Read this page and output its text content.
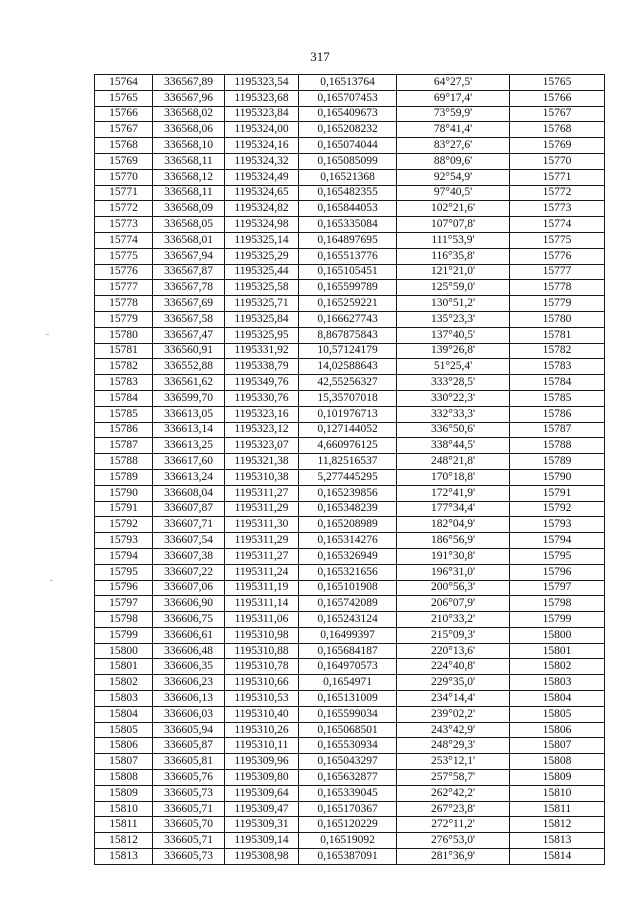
317
15764	336567,89	1195323,54	0,16513764	64°27,5'	15765
15765	336567,96	1195323,68	0,165707453	69°17,4'	15766
15766	336568,02	1195323,84	0,165409673	73°59,9'	15767
15767	336568,06	1195324,00	0,165208232	78°41,4'	15768
15768	336568,10	1195324,16	0,165074044	83°27,6'	15769
15769	336568,11	1195324,32	0,165085099	88°09,6'	15770
15770	336568,12	1195324,49	0,16521368	92°54,9'	15771
15771	336568,11	1195324,65	0,165482355	97°40,5'	15772
15772	336568,09	1195324,82	0,165844053	102°21,6'	15773
15773	336568,05	1195324,98	0,165335084	107°07,8'	15774
15774	336568,01	1195325,14	0,164897695	111°53,9'	15775
15775	336567,94	1195325,29	0,165513776	116°35,8'	15776
15776	336567,87	1195325,44	0,165105451	121°21,0'	15777
15777	336567,78	1195325,58	0,165599789	125°59,0'	15778
15778	336567,69	1195325,71	0,165259221	130°51,2'	15779
15779	336567,58	1195325,84	0,166627743	135°23,3'	15780
15780	336567,47	1195325,95	8,867875843	137°40,5'	15781
15781	336560,91	1195331,92	10,57124179	139°26,8'	15782
15782	336552,88	1195338,79	14,02588643	51°25,4'	15783
15783	336561,62	1195349,76	42,55256327	333°28,5'	15784
15784	336599,70	1195330,76	15,35707018	330°22,3'	15785
15785	336613,05	1195323,16	0,101976713	332°33,3'	15786
15786	336613,14	1195323,12	0,127144052	336°50,6'	15787
15787	336613,25	1195323,07	4,660976125	338°44,5'	15788
15788	336617,60	1195321,38	11,82516537	248°21,8'	15789
15789	336613,24	1195310,38	5,277445295	170°18,8'	15790
15790	336608,04	1195311,27	0,165239856	172°41,9'	15791
15791	336607,87	1195311,29	0,165348239	177°34,4'	15792
15792	336607,71	1195311,30	0,165208989	182°04,9'	15793
15793	336607,54	1195311,29	0,165314276	186°56,9'	15794
15794	336607,38	1195311,27	0,165326949	191°30,8'	15795
15795	336607,22	1195311,24	0,165321656	196°31,0'	15796
15796	336607,06	1195311,19	0,165101908	200°56,3'	15797
15797	336606,90	1195311,14	0,165742089	206°07,9'	15798
15798	336606,75	1195311,06	0,165243124	210°33,2'	15799
15799	336606,61	1195310,98	0,16499397	215°09,3'	15800
15800	336606,48	1195310,88	0,165684187	220°13,6'	15801
15801	336606,35	1195310,78	0,164970573	224°40,8'	15802
15802	336606,23	1195310,66	0,1654971	229°35,0'	15803
15803	336606,13	1195310,53	0,165131009	234°14,4'	15804
15804	336606,03	1195310,40	0,165599034	239°02,2'	15805
15805	336605,94	1195310,26	0,165068501	243°42,9'	15806
15806	336605,87	1195310,11	0,165530934	248°29,3'	15807
15807	336605,81	1195309,96	0,165043297	253°12,1'	15808
15808	336605,76	1195309,80	0,165632877	257°58,7'	15809
15809	336605,73	1195309,64	0,165339045	262°42,2'	15810
15810	336605,71	1195309,47	0,165170367	267°23,8'	15811
15811	336605,70	1195309,31	0,165120229	272°11,2'	15812
15812	336605,71	1195309,14	0,16519092	276°53,0'	15813
15813	336605,73	1195308,98	0,165387091	281°36,9'	15814
